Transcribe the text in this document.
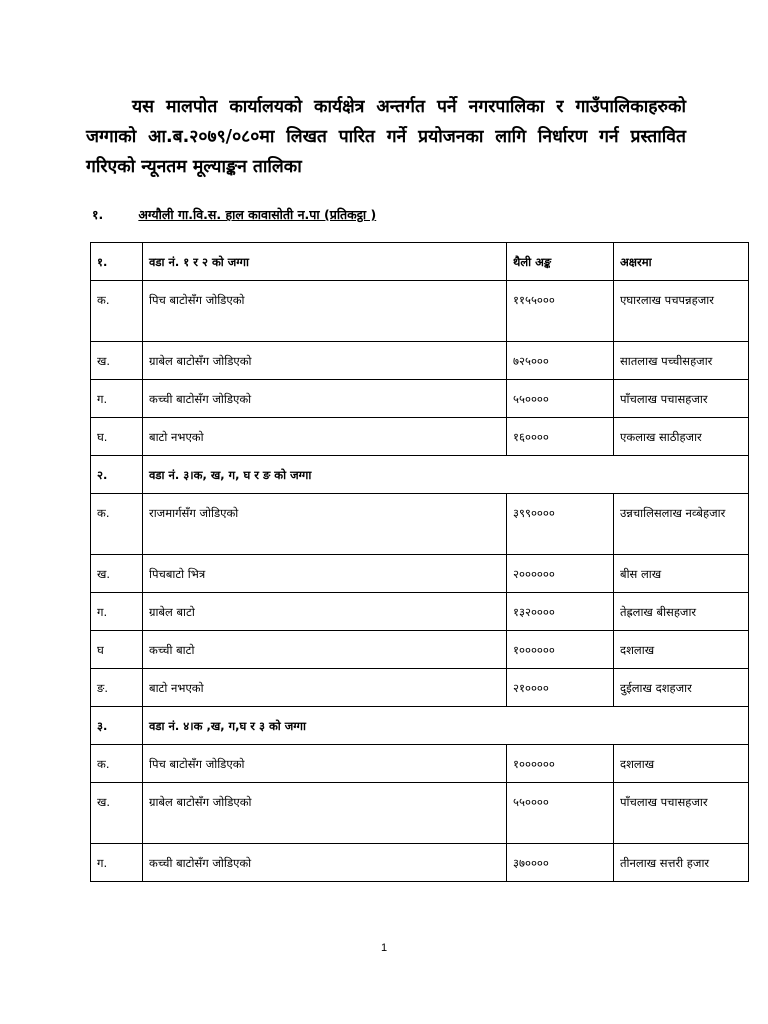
यस मालपोत कार्यालयको कार्यक्षेत्र अन्तर्गत पर्ने नगरपालिका र गाउँपालिकाहरुको जग्गाको आ.ब.२०७९/०८०मा लिखत पारित गर्ने प्रयोजनका लागि निर्धारण गर्न प्रस्तावित गरिएको न्यूनतम मूल्याङ्कन तालिका
१.	अग्यौली गा.वि.स. हाल कावासोती न.पा (प्रतिकट्ठा )
१.	वडा नं. १ र २ को जग्गा	थैली अङ्क	अक्षरमा
क.	पिच बाटोसँग जोडिएको	११५५०००	एघारलाख पचपन्नहजार
ख.	ग्राबेल बाटोसँग जोडिएको	७२५०००	सातलाख पच्चीसहजार
ग.	कच्ची बाटोसँग जोडिएको	५५००००	पाँचलाख पचासहजार
घ.	बाटो नभएको	१६००००	एकलाख साठीहजार
२.	वडा नं. ३।क, ख, ग, घ र ङ को जग्गा		
क.	राजमार्गसँग जोडिएको	३९९००००	उन्नचालिसलाख नव्बेहजार
ख.	पिचबाटो भित्र	२००००००	बीस लाख
ग.	ग्राबेल बाटो	१३२००००	तेह्रलाख बीसहजार
घ	कच्ची बाटो	१००००००	दशलाख
ङ.	बाटो नभएको	२१००००	दुईलाख दशहजार
३.	वडा नं. ४।क ,ख, ग,घ र ३ को जग्गा		
क.	पिच बाटोसँग जोडिएको	१००००००	दशलाख
ख.	ग्राबेल बाटोसँग जोडिएको	५५००००	पाँचलाख पचासहजार
ग.	कच्ची बाटोसँग जोडिएको	३७००००	तीनलाख सत्तरी हजार
1
